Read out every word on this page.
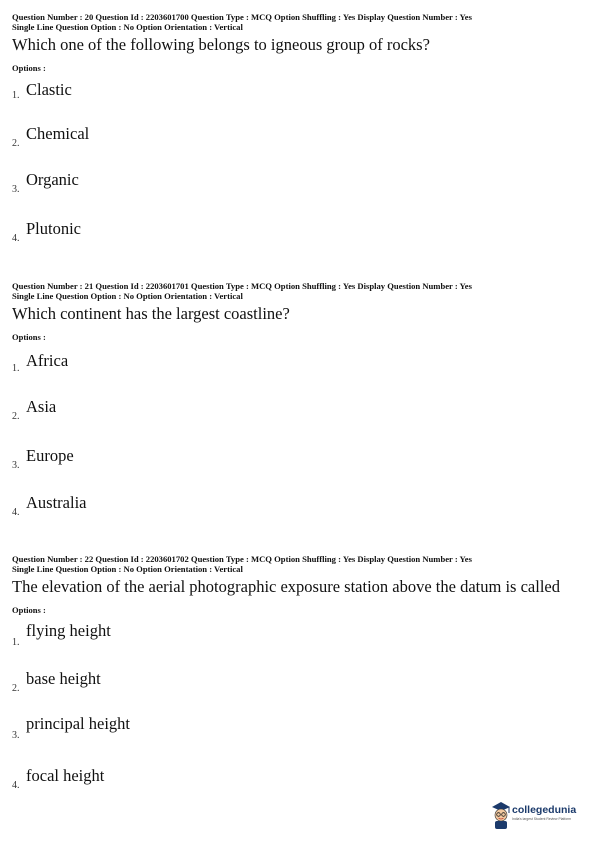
Question Number : 20 Question Id : 2203601700 Question Type : MCQ Option Shuffling : Yes Display Question Number : Yes
Single Line Question Option : No Option Orientation : Vertical
Which one of the following belongs to igneous group of rocks?
Options :
1. Clastic
2.
Chemical
3.
Organic
4.
Plutonic
Question Number : 21 Question Id : 2203601701 Question Type : MCQ Option Shuffling : Yes Display Question Number : Yes
Single Line Question Option : No Option Orientation : Vertical
Which continent has the largest coastline?
Options :
1. Africa
2.
Asia
3.
Europe
4.
Australia
Question Number : 22 Question Id : 2203601702 Question Type : MCQ Option Shuffling : Yes Display Question Number : Yes
Single Line Question Option : No Option Orientation : Vertical
The elevation of the aerial photographic exposure station above the datum is called
Options :
1.
flying height
2.
base height
3.
principal height
4.
focal height
collegedunia
India's largest Student Review Platform
